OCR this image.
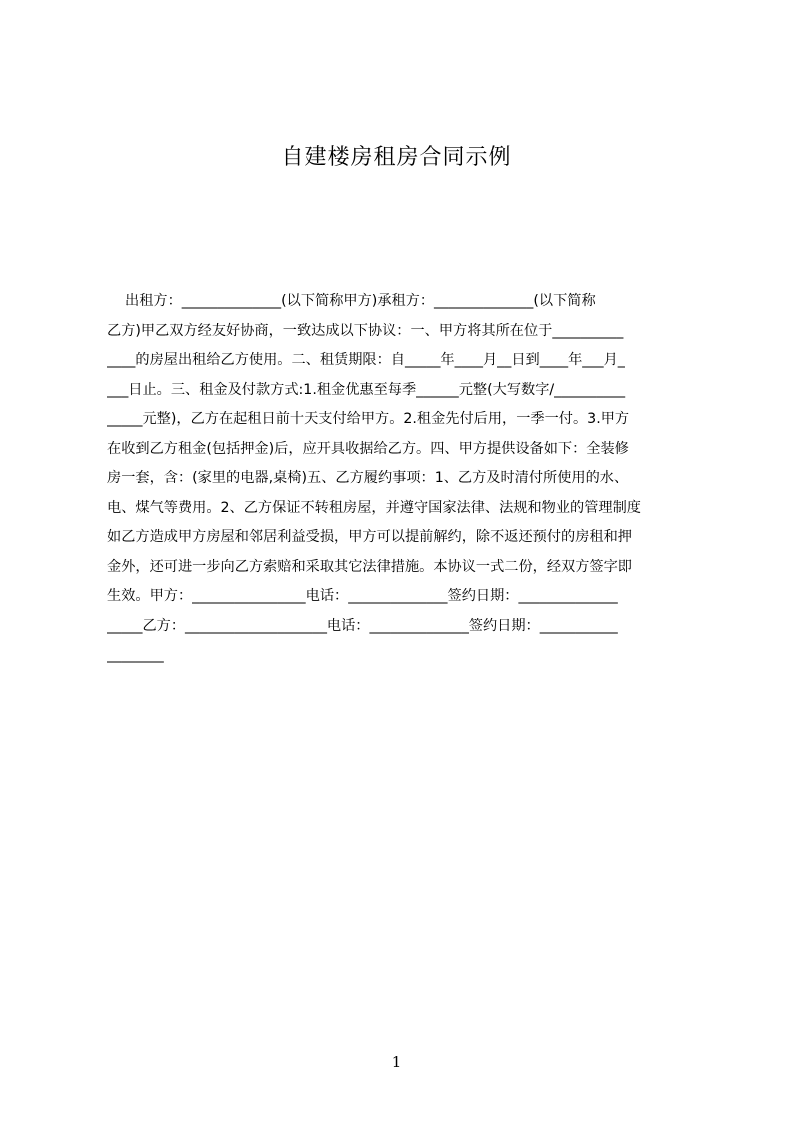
自建楼房租房合同示例
出租方：______________(以下简称甲方)承租方：______________(以下简称
乙方)甲乙双方经友好协商，一致达成以下协议：一、甲方将其所在位于__________
____的房屋出租给乙方使用。二、租赁期限：自_____年____月__日到____年___月_
___日止。三、租金及付款方式:1.租金优惠至每季______元整(大写数字/__________
_____元整)，乙方在起租日前十天支付给甲方。2.租金先付后用，一季一付。3.甲方
在收到乙方租金(包括押金)后，应开具收据给乙方。四、甲方提供设备如下：全装修
房一套，含：(家里的电器,桌椅)五、乙方履约事项：1、乙方及时清付所使用的水、
电、煤气等费用。2、乙方保证不转租房屋，并遵守国家法律、法规和物业的管理制度
如乙方造成甲方房屋和邻居利益受损，甲方可以提前解约，除不返还预付的房租和押
金外，还可进一步向乙方索赔和采取其它法律措施。本协议一式二份，经双方签字即
生效。甲方：________________电话：______________签约日期：______________
_____乙方：____________________电话：______________签约日期：___________
________
1
